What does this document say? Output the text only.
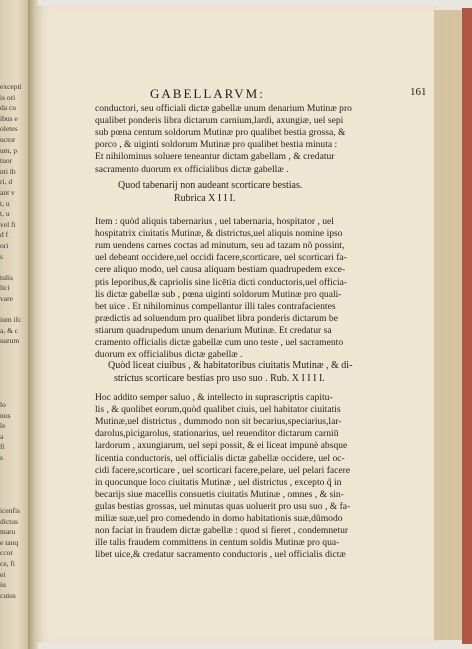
excepti
is ori
da cu
ibus e
oletes
uctor
um, p
tuor
nti ib
ri, d
ant v
t, u
t, u
vel fi
d f
ori
s
tulis
lici
vare
ium ifc
a, & c
uarum
lo
nos
le
a
fi
s
icenfis
dictus
maru
e tanq
ccor
ce, fi
ei
iu
cuius
GABELLARVM:	161
conductori, seu officiali dictæ gabellæ unum denarium Mutinæ pro
qualibet ponderis libra dictarum carnium,lardi, axungiæ, uel sepi
sub pœna centum soldorum Mutinæ pro qualibet bestia grossa, &
porco , & uiginti soldorum Mutinæ pro qualibet bestia minuta :
Et nihilominus soluere teneantur dictam gabellam , & credatur
sacramento duorum ex officialibus dictæ gabellæ .
Quod tabenarij non audeant scorticare bestias.
Rubrica X I I I.
Item : quòd aliquis tabernarius , uel tabernaria, hospitator , uel
hospitatrix ciuitatis Mutinæ, & districtus,uel aliquis nomine ipso
rum uendens carnes coctas ad minutum, seu ad tazam nõ possint,
uel debeant occidere,uel occidi facere,scorticare, uel scorticari fa-
cere aliquo modo, uel causa aliquam bestiam quadrupedem exce-
ptis leporibus,& capriolis sine licētia dicti conductoris,uel officia-
lis dictæ gabellæ sub , pœna uiginti soldorum Mutinæ pro quali-
bet uice . Et nihilominus compellantur illi tales contrafacientes
prædictis ad soluendum pro qualibet libra ponderis dictarum be
stiarum quadrupedum unum denarium Mutinæ. Et credatur sa
cramento officialis dictæ gabellæ cum uno teste , uel sacramento
duorum ex officialibus dictæ gabellæ .
Quòd liceat ciuibus , & habitatoribus ciuitatis Mutinæ , & di-
strictus scorticare bestias pro uso suo . Rub. X I I I I.
Hoc addito semper saluo , & intellecto in suprascriptis capitu-
lis , & quolibet eorum,quòd qualibet ciuis, uel habitator ciuitatis
Mutinæ,uel districtus , dummodo non sit becarius,speciarius,lar-
darolus,picigarolus, stationarius, uel reuenditor dictarum carniū
lardorum , axungiarum, uel sepi possit, & ei liceat impunè absque
licentia conductoris, uel officialis dictæ gabellæ occidere, uel oc-
cidi facere,scorticare , uel scorticari facere,pelare, uel pelari facere
in quocunque loco ciuitatis Mutinæ , uel districtus , excepto q̃ in
becarijs siue macellis consuetis ciuitatis Mutinæ , omnes , & sin-
gulas bestias grossas, uel minutas quas uoluerit pro usu suo , & fa-
miliæ suæ,uel pro comedendo in domo habitationis suæ,dũmodo
non faciat in fraudem dictæ gabellæ : quod si fieret , condemnetur
ille talis fraudem committens in centum soldis Mutinæ pro qua-
libet uice,& credatur sacramento conductoris , uel officialis dictæ
